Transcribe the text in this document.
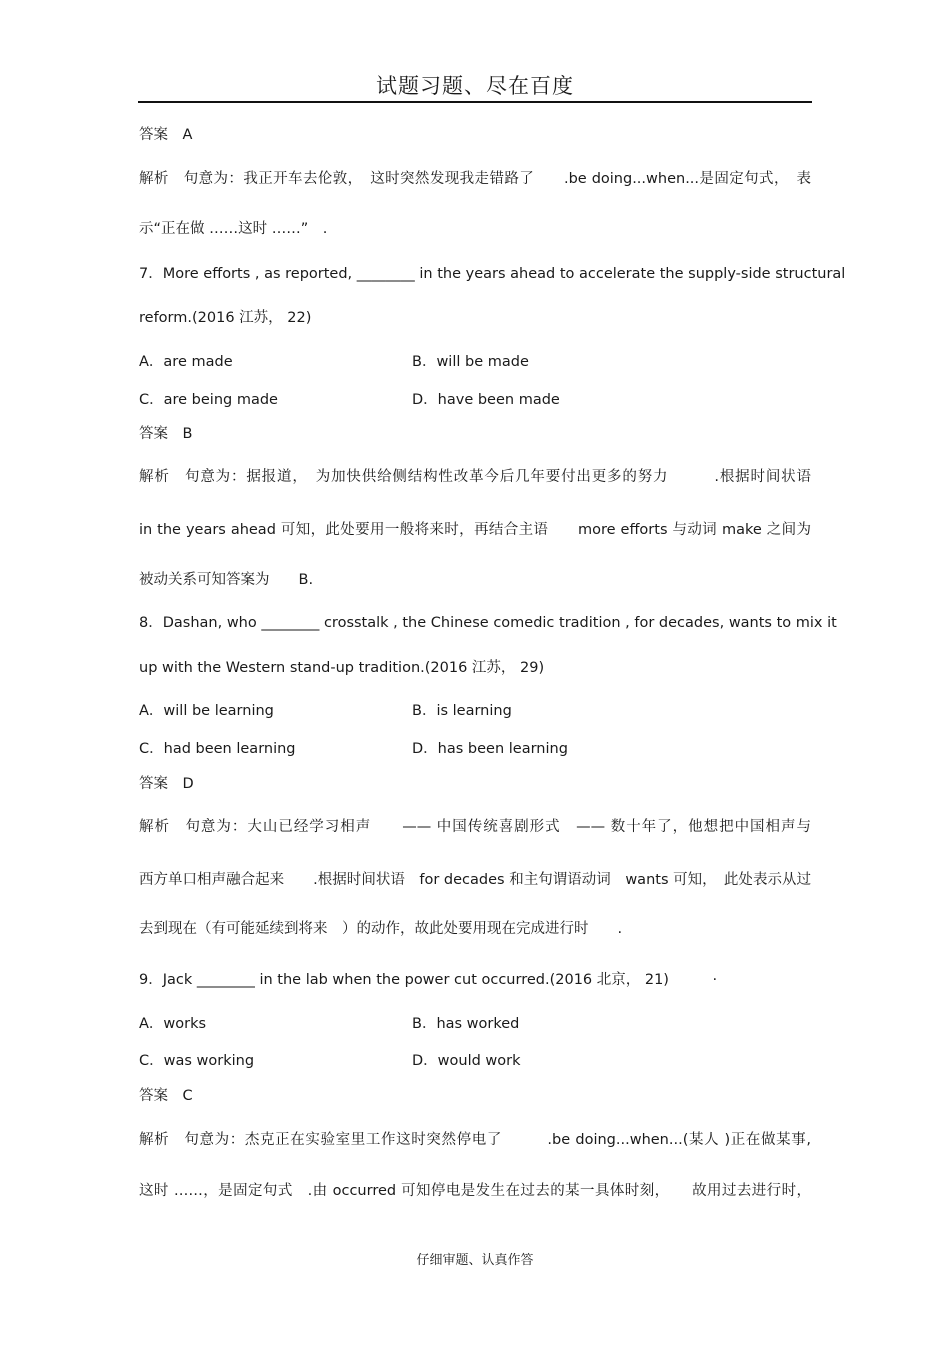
试题习题、尽在百度
答案　A
解析　句意为：我正开车去伦敦，　这时突然发现我走错路了　　.be doing...when...是固定句式，　表
示“正在做 ……这时 ……”　.
7．More efforts , as reported, ________ in the years ahead to accelerate the supply-side structural
reform.(2016 江苏， 22)
A．are made	B．will be made
C．are being made	D．have been made
答案　B
解析　句意为：据报道，　为加快供给侧结构性改革今后几年要付出更多的努力　　　.根据时间状语
in the years ahead 可知，此处要用一般将来时，再结合主语　　more efforts 与动词 make 之间为
被动关系可知答案为　　B.
8．Dashan, who ________ crosstalk , the Chinese comedic tradition , for decades, wants to mix it
up with the Western stand-up tradition.(2016 江苏， 29)
A．will be learning	B．is learning
C．had been learning	D．has been learning
答案　D
解析　句意为：大山已经学习相声　　—— 中国传统喜剧形式　—— 数十年了，他想把中国相声与
西方单口相声融合起来　　.根据时间状语　for decades 和主句谓语动词　wants 可知，　此处表示从过
去到现在（有可能延续到将来　）的动作，故此处要用现在完成进行时　　.
9．Jack ________ in the lab when the power cut occurred.(2016 北京， 21)　　　·
A．works	B．has worked
C．was working	D．would work
答案　C
解析　句意为：杰克正在实验室里工作这时突然停电了　　　.be doing...when...(某人 )正在做某事,
这时 ……，是固定句式　.由 occurred 可知停电是发生在过去的某一具体时刻，　　故用过去进行时，
仔细审题、认真作答
